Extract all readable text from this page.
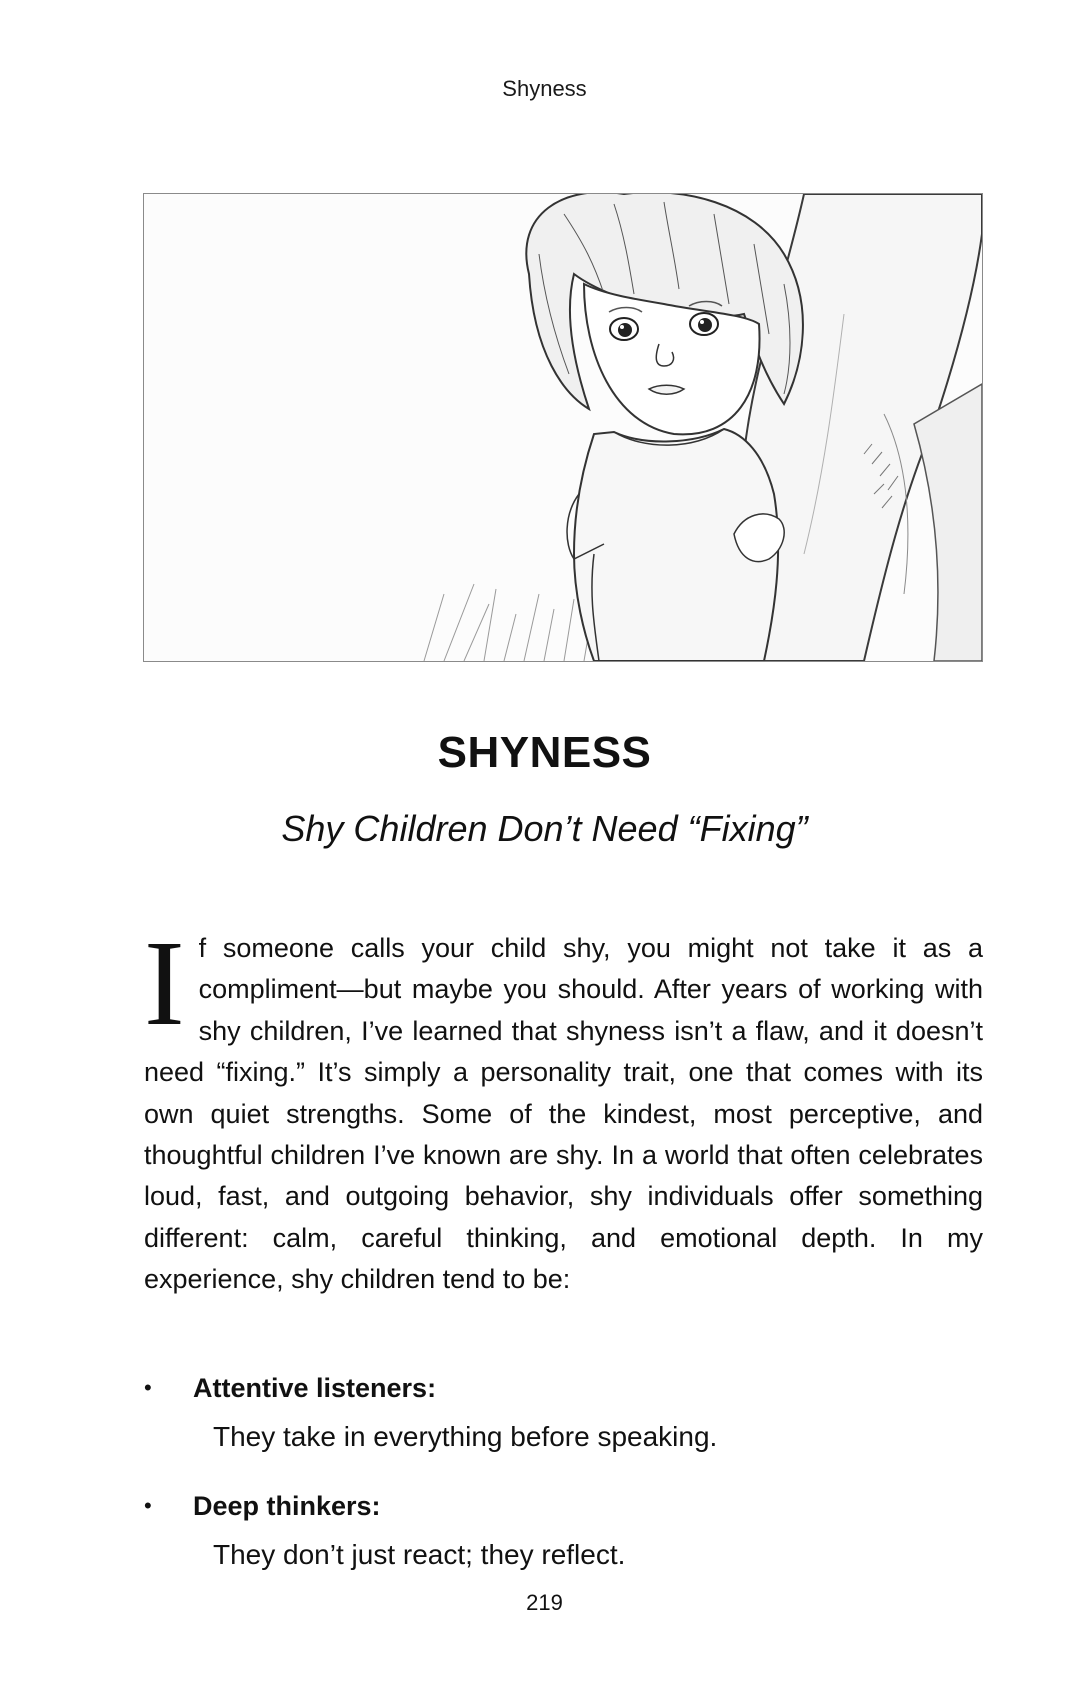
Shyness
SHYNESS
Shy Children Don’t Need “Fixing”
If someone calls your child shy, you might not take it as a compliment—but maybe you should. After years of working with shy children, I’ve learned that shyness isn’t a flaw, and it doesn’t need “fixing.” It’s simply a personality trait, one that comes with its own quiet strengths. Some of the kindest, most perceptive, and thoughtful children I’ve known are shy. In a world that often celebrates loud, fast, and outgoing behavior, shy individuals offer something different: calm, careful thinking, and emotional depth. In my experience, shy children tend to be:
• Attentive listeners:
They take in everything before speaking.
• Deep thinkers:
They don’t just react; they reflect.
219
